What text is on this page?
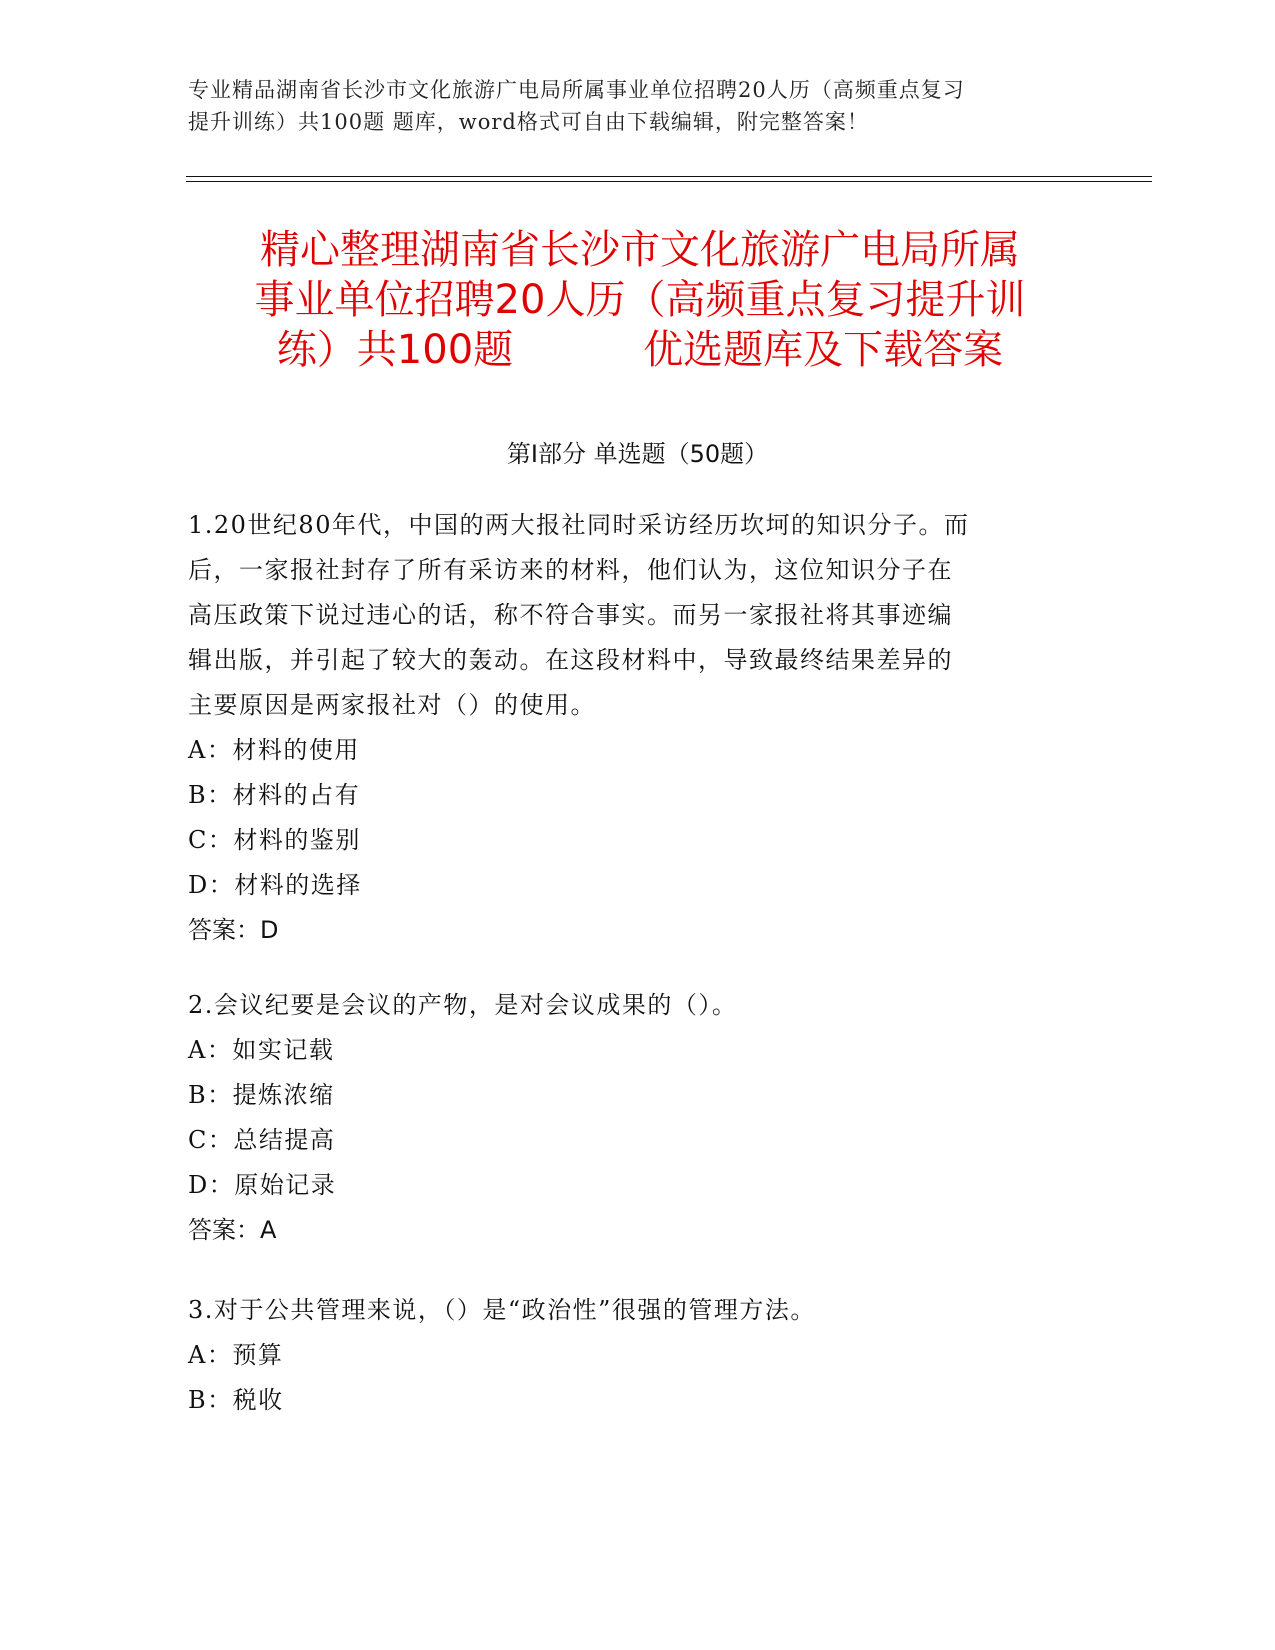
专业精品湖南省长沙市文化旅游广电局所属事业单位招聘20人历（高频重点复习
提升训练）共100题 题库，word格式可自由下载编辑，附完整答案！
精心整理湖南省长沙市文化旅游广电局所属
事业单位招聘20人历（高频重点复习提升训
练）共100题	优选题库及下载答案
第Ⅰ部分 单选题（50题）
1.20世纪80年代，中国的两大报社同时采访经历坎坷的知识分子。而
后，一家报社封存了所有采访来的材料，他们认为，这位知识分子在
高压政策下说过违心的话，称不符合事实。而另一家报社将其事迹编
辑出版，并引起了较大的轰动。在这段材料中，导致最终结果差异的
主要原因是两家报社对（）的使用。
A：材料的使用
B：材料的占有
C：材料的鉴别
D：材料的选择
答案：D
2.会议纪要是会议的产物，是对会议成果的（）。
A：如实记载
B：提炼浓缩
C：总结提高
D：原始记录
答案：A
3.对于公共管理来说，（）是“政治性”很强的管理方法。
A：预算
B：税收
